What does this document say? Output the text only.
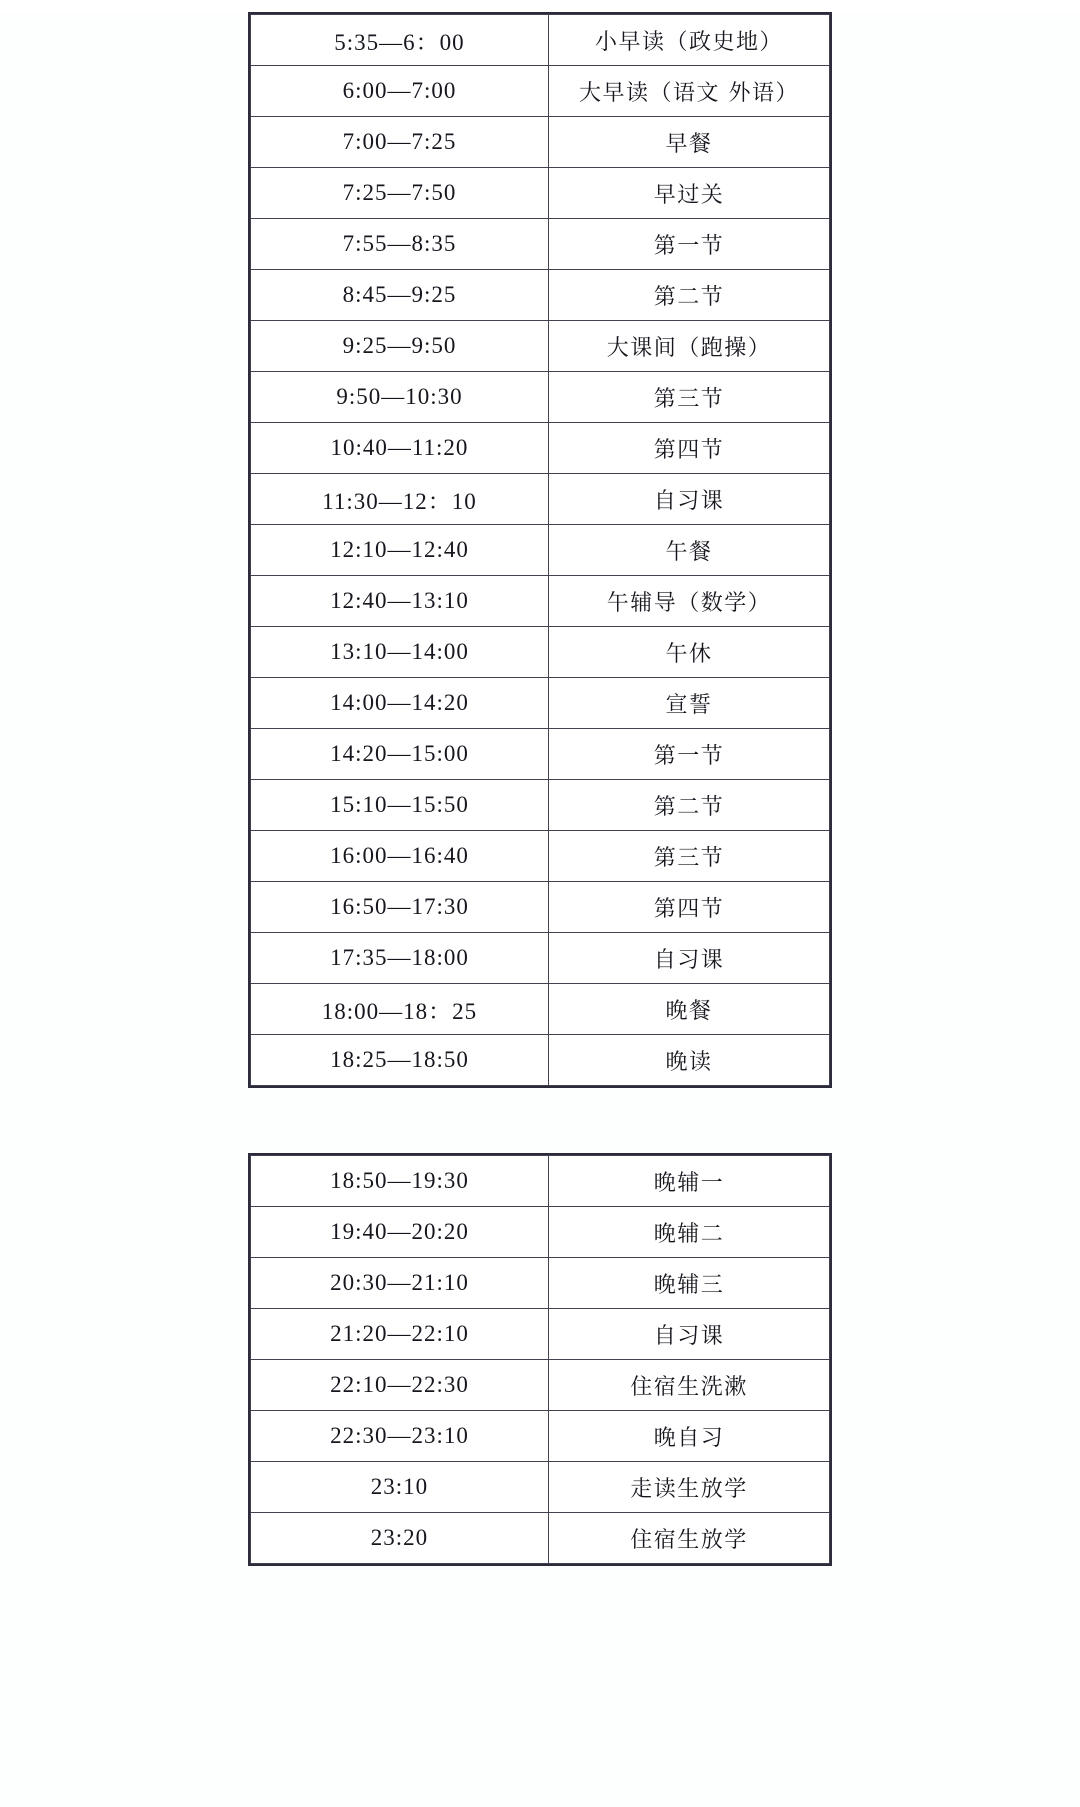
5:35—6：00	小早读（政史地）
6:00—7:00	大早读（语文 外语）
7:00—7:25	早餐
7:25—7:50	早过关
7:55—8:35	第一节
8:45—9:25	第二节
9:25—9:50	大课间（跑操）
9:50—10:30	第三节
10:40—11:20	第四节
11:30—12：10	自习课
12:10—12:40	午餐
12:40—13:10	午辅导（数学）
13:10—14:00	午休
14:00—14:20	宣誓
14:20—15:00	第一节
15:10—15:50	第二节
16:00—16:40	第三节
16:50—17:30	第四节
17:35—18:00	自习课
18:00—18：25	晚餐
18:25—18:50	晚读
18:50—19:30	晚辅一
19:40—20:20	晚辅二
20:30—21:10	晚辅三
21:20—22:10	自习课
22:10—22:30	住宿生洗漱
22:30—23:10	晚自习
23:10	走读生放学
23:20	住宿生放学
